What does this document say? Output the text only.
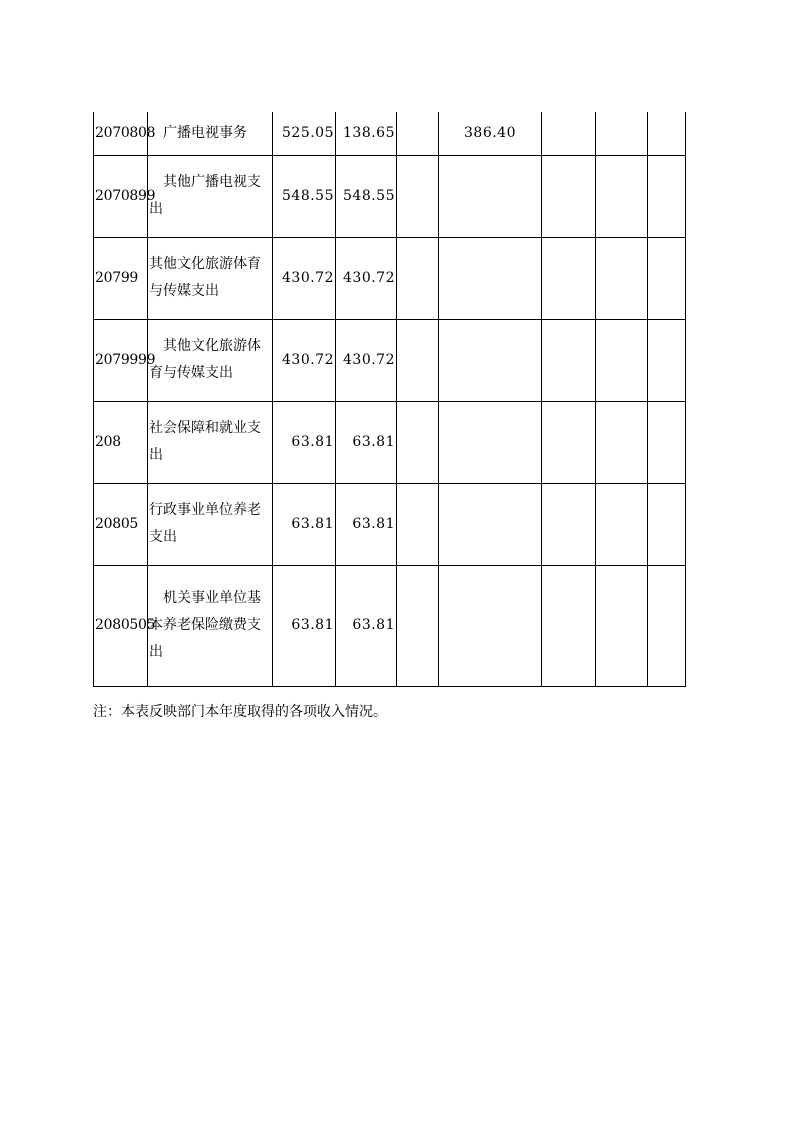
2070808	广播电视事务	525.05	138.65		386.40			
2070899	其他广播电视支出	548.55	548.55					
20799	其他文化旅游体育与传媒支出	430.72	430.72					
2079999	其他文化旅游体育与传媒支出	430.72	430.72					
208	社会保障和就业支出	63.81	63.81					
20805	行政事业单位养老支出	63.81	63.81					
2080505	机关事业单位基本养老保险缴费支出	63.81	63.81					
注：本表反映部门本年度取得的各项收入情况。
